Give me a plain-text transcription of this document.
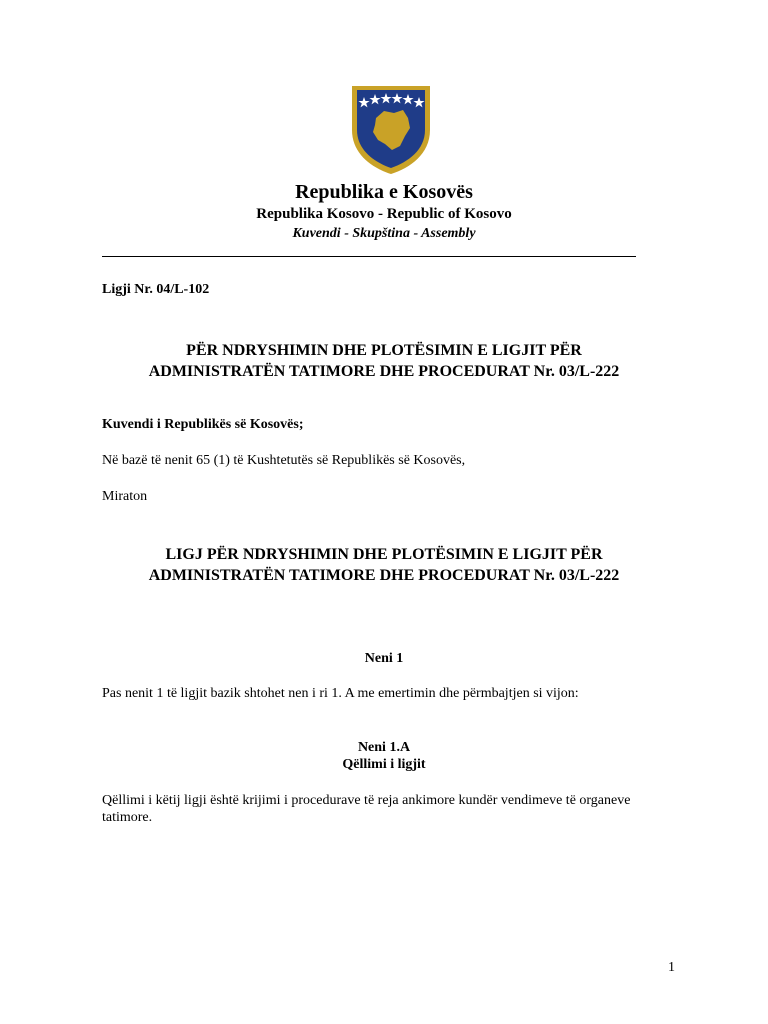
Republika e Kosovës
Republika Kosovo - Republic of Kosovo
Kuvendi - Skupština - Assembly
Ligji Nr. 04/L-102
PËR NDRYSHIMIN DHE PLOTËSIMIN E LIGJIT PËR
ADMINISTRATËN TATIMORE DHE PROCEDURAT Nr. 03/L-222
Kuvendi i Republikës së Kosovës;
Në bazë të nenit 65 (1) të Kushtetutës së Republikës së Kosovës,
Miraton
LIGJ PËR NDRYSHIMIN DHE PLOTËSIMIN E LIGJIT PËR
ADMINISTRATËN TATIMORE DHE PROCEDURAT Nr. 03/L-222
Neni 1
Pas nenit 1 të ligjit bazik shtohet nen i ri 1. A me emertimin dhe përmbajtjen si vijon:
Neni 1.A
Qëllimi i ligjit
Qëllimi i këtij ligji është krijimi i procedurave të reja ankimore kundër vendimeve të organeve
tatimore.
1
